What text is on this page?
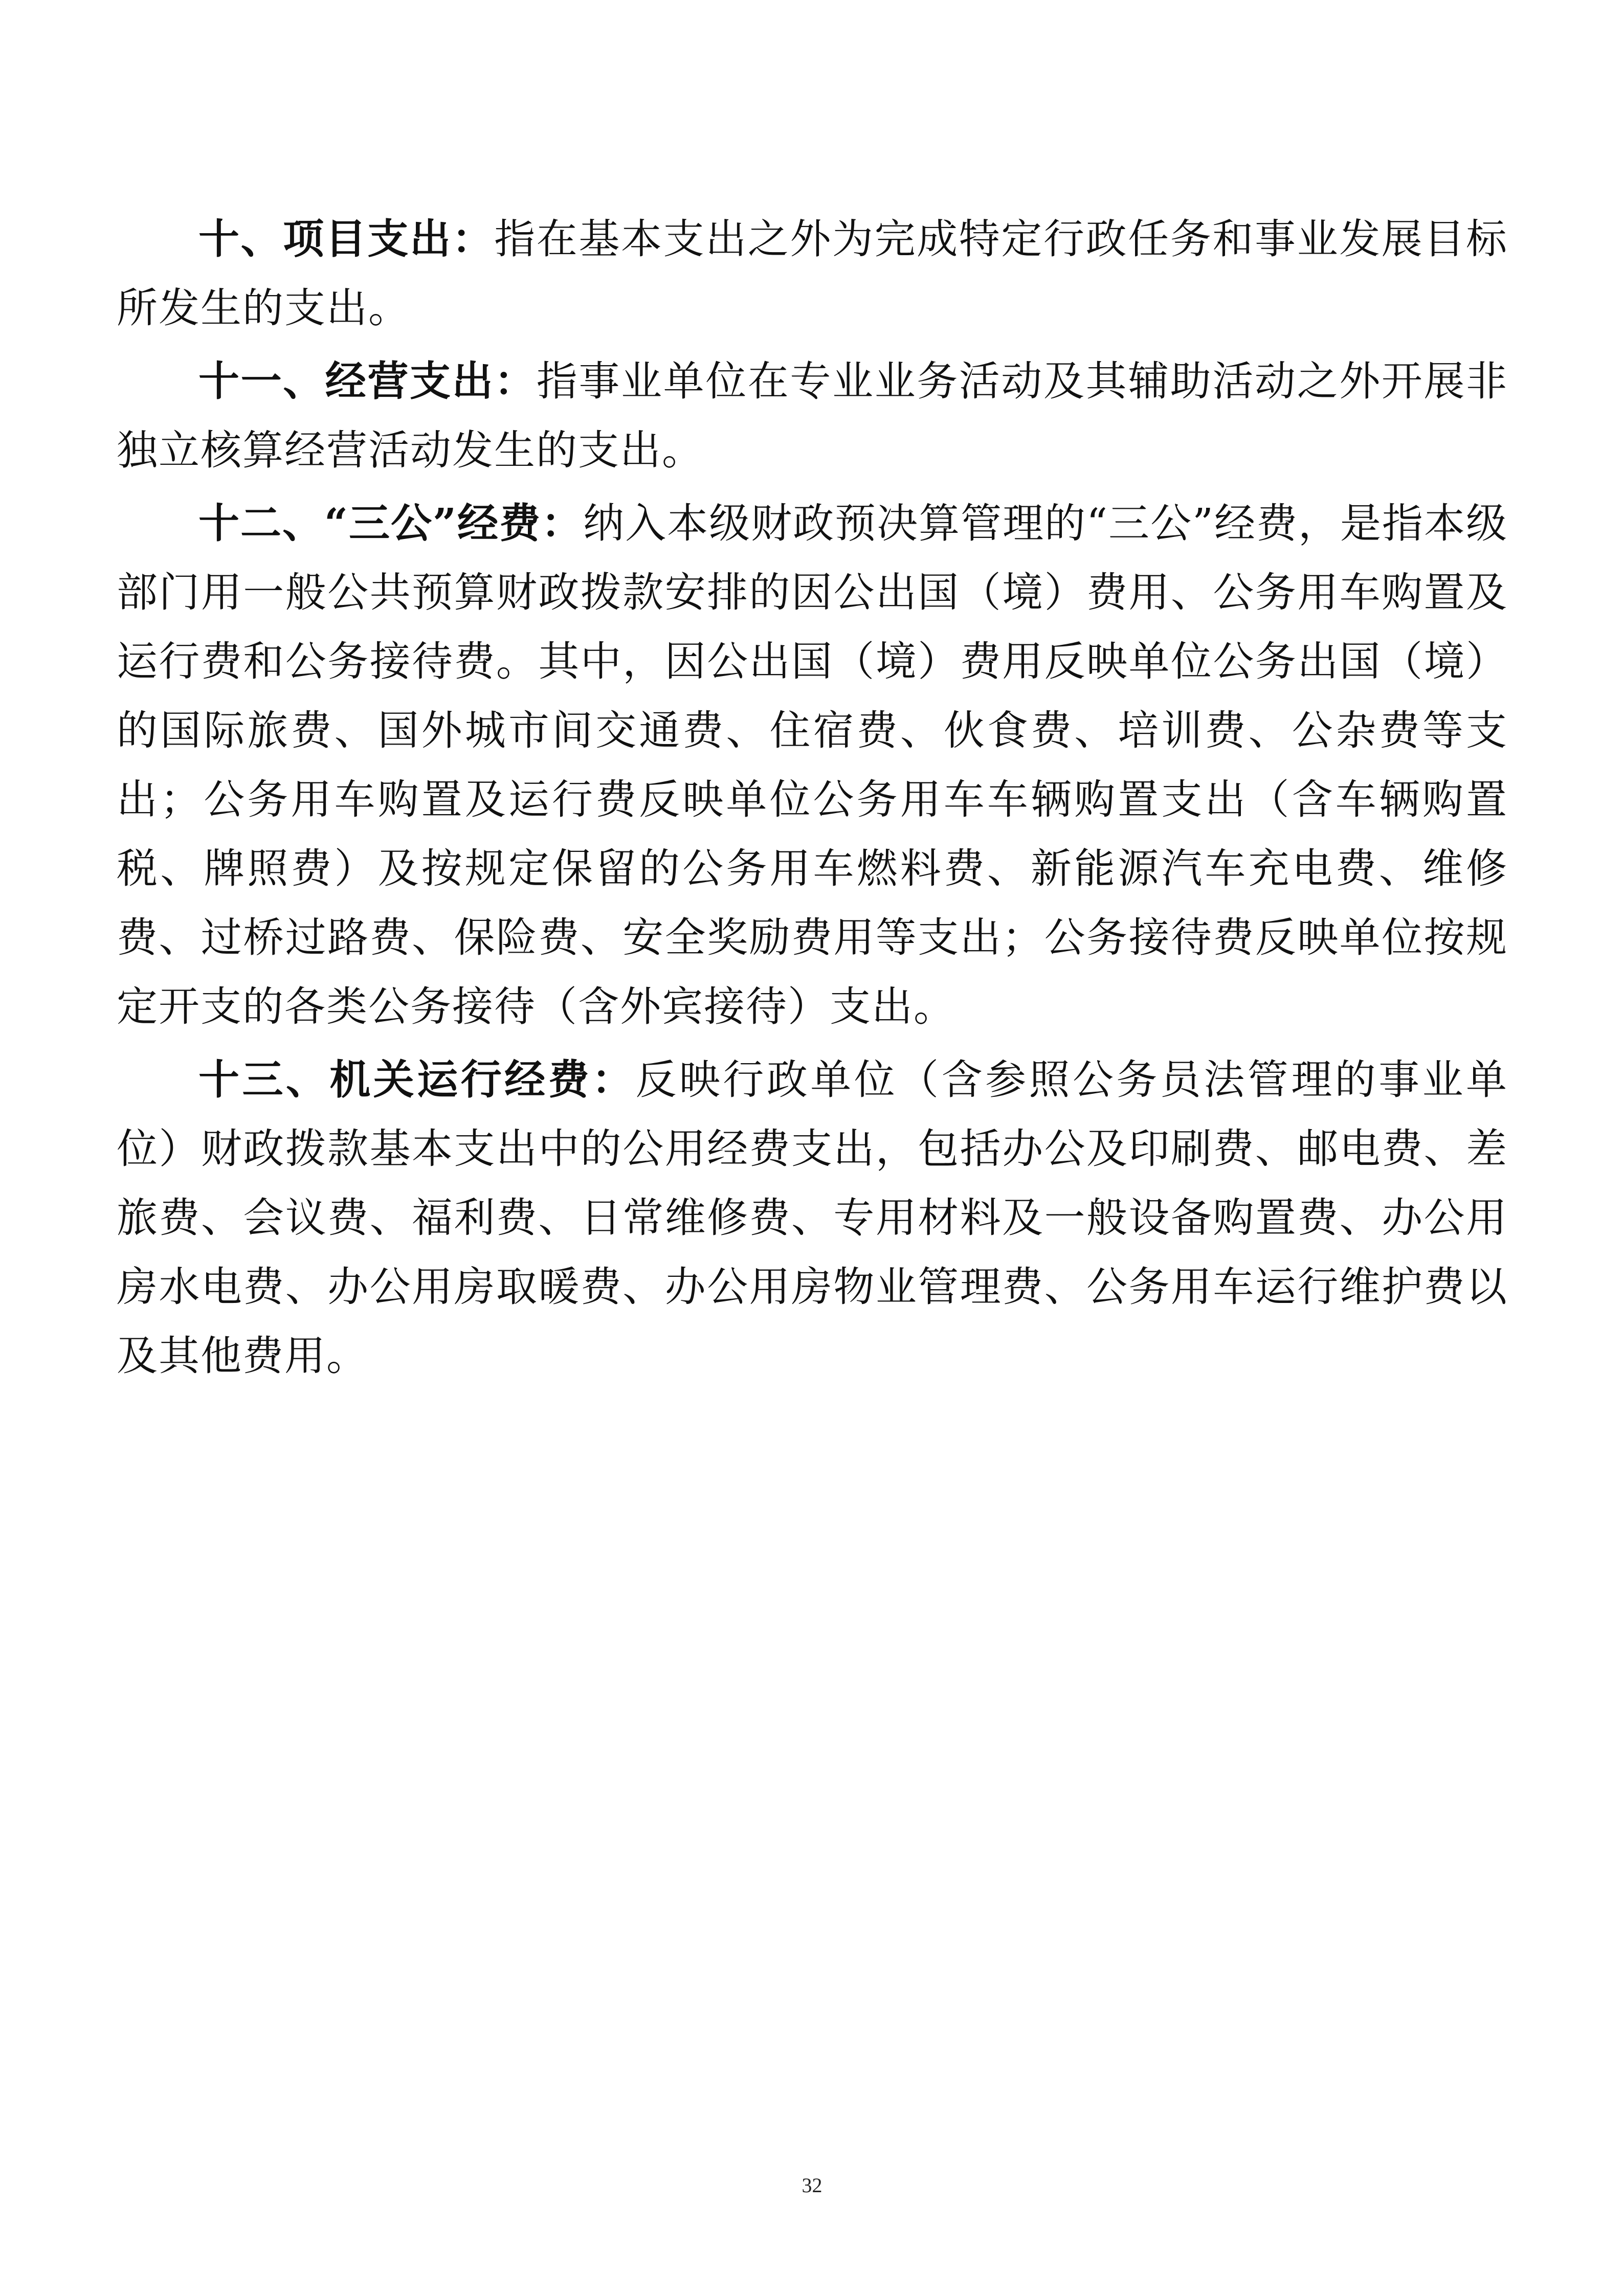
十、项目支出：指在基本支出之外为完成特定行政任务和事业发展目标所发生的支出。

十一、经营支出：指事业单位在专业业务活动及其辅助活动之外开展非独立核算经营活动发生的支出。

十二、“三公”经费：纳入本级财政预决算管理的“三公”经费，是指本级部门用一般公共预算财政拨款安排的因公出国（境）费用、公务用车购置及运行费和公务接待费。其中，因公出国（境）费用反映单位公务出国（境）的国际旅费、国外城市间交通费、住宿费、伙食费、培训费、公杂费等支出；公务用车购置及运行费反映单位公务用车车辆购置支出（含车辆购置税、牌照费）及按规定保留的公务用车燃料费、新能源汽车充电费、维修费、过桥过路费、保险费、安全奖励费用等支出；公务接待费反映单位按规定开支的各类公务接待（含外宾接待）支出。

十三、机关运行经费：反映行政单位（含参照公务员法管理的事业单位）财政拨款基本支出中的公用经费支出，包括办公及印刷费、邮电费、差旅费、会议费、福利费、日常维修费、专用材料及一般设备购置费、办公用房水电费、办公用房取暖费、办公用房物业管理费、公务用车运行维护费以及其他费用。

32
